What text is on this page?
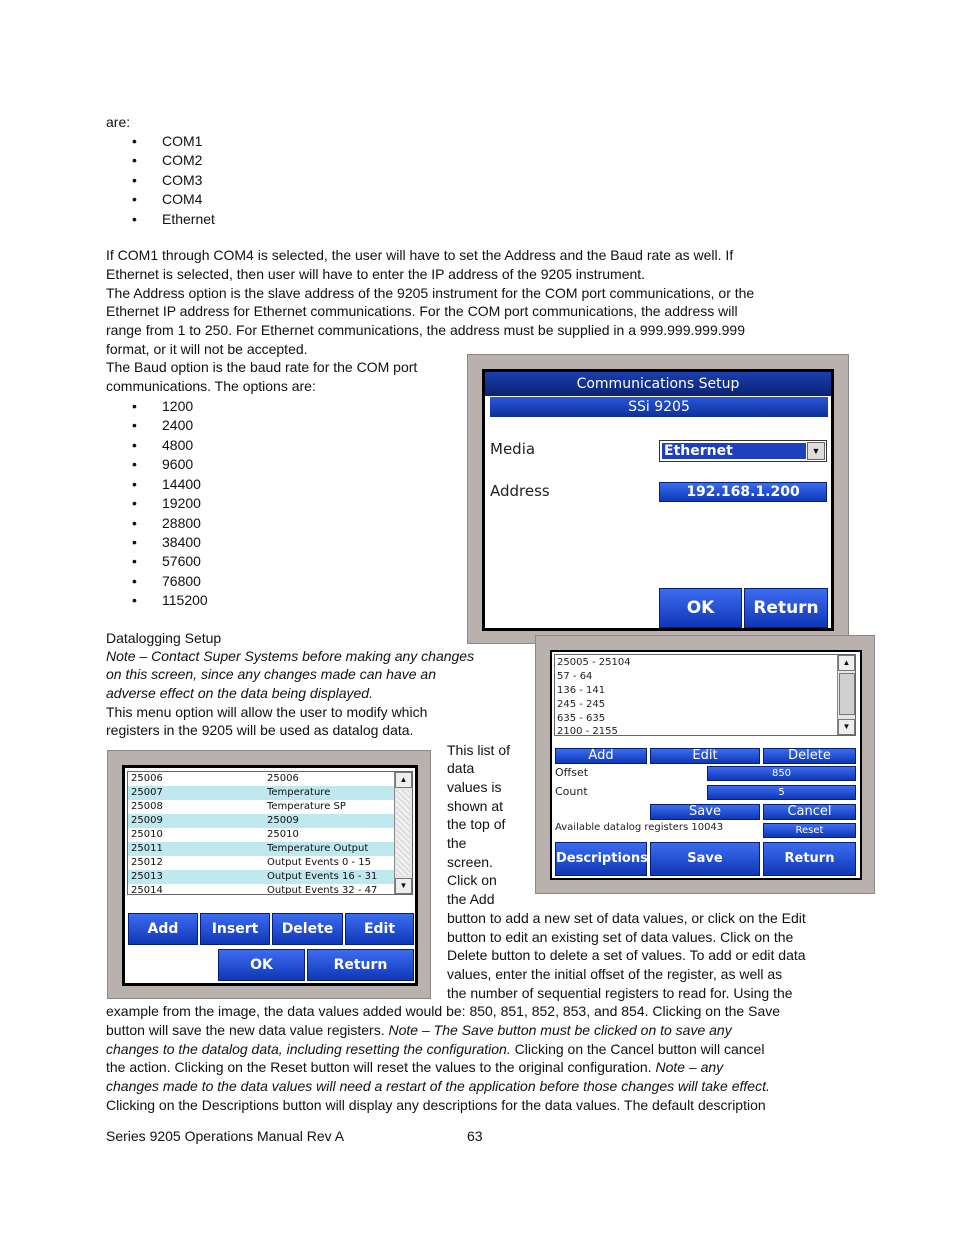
are:
COM1
COM2
COM3
COM4
Ethernet
If COM1 through COM4 is selected, the user will have to set the Address and the Baud rate as well. If
Ethernet is selected, then user will have to enter the IP address of the 9205 instrument.
The Address option is the slave address of the 9205 instrument for the COM port communications, or the
Ethernet IP address for Ethernet communications. For the COM port communications, the address will
range from 1 to 250. For Ethernet communications, the address must be supplied in a 999.999.999.999
format, or it will not be accepted.
The Baud option is the baud rate for the COM port
communications. The options are:
1200
2400
4800
9600
14400
19200
28800
38400
57600
76800
115200
Communications Setup
SSi 9205
Media	Ethernet	▼
Address	192.168.1.200
OK	Return
Datalogging Setup
Note – Contact Super Systems before making any changes
on this screen, since any changes made can have an
adverse effect on the data being displayed.
This menu option will allow the user to modify which
registers in the 9205 will be used as datalog data.
25005 - 25104
57 - 64
136 - 141
245 - 245
635 - 635
2100 - 2155
▲
▼
Add	Edit	Delete
Offset	850
Count	5
Save	Cancel
Available datalog registers 10043	Reset
Descriptions	Save	Return
25006	25006
25007	Temperature
25008	Temperature SP
25009	25009
25010	25010
25011	Temperature Output
25012	Output Events 0 - 15
25013	Output Events 16 - 31
25014	Output Events 32 - 47
▲
▼
Add	Insert	Delete	Edit
OK	Return
This list of
data
values is
shown at
the top of
the
screen.
Click on
the Add
button to add a new set of data values, or click on the Edit
button to edit an existing set of data values. Click on the
Delete button to delete a set of values. To add or edit data
values, enter the initial offset of the register, as well as
the number of sequential registers to read for. Using the
example from the image, the data values added would be: 850, 851, 852, 853, and 854. Clicking on the Save
button will save the new data value registers. Note – The Save button must be clicked on to save any
changes to the datalog data, including resetting the configuration. Clicking on the Cancel button will cancel
the action. Clicking on the Reset button will reset the values to the original configuration. Note – any
changes made to the data values will need a restart of the application before those changes will take effect.
Clicking on the Descriptions button will display any descriptions for the data values. The default description
Series 9205 Operations Manual Rev A	63
